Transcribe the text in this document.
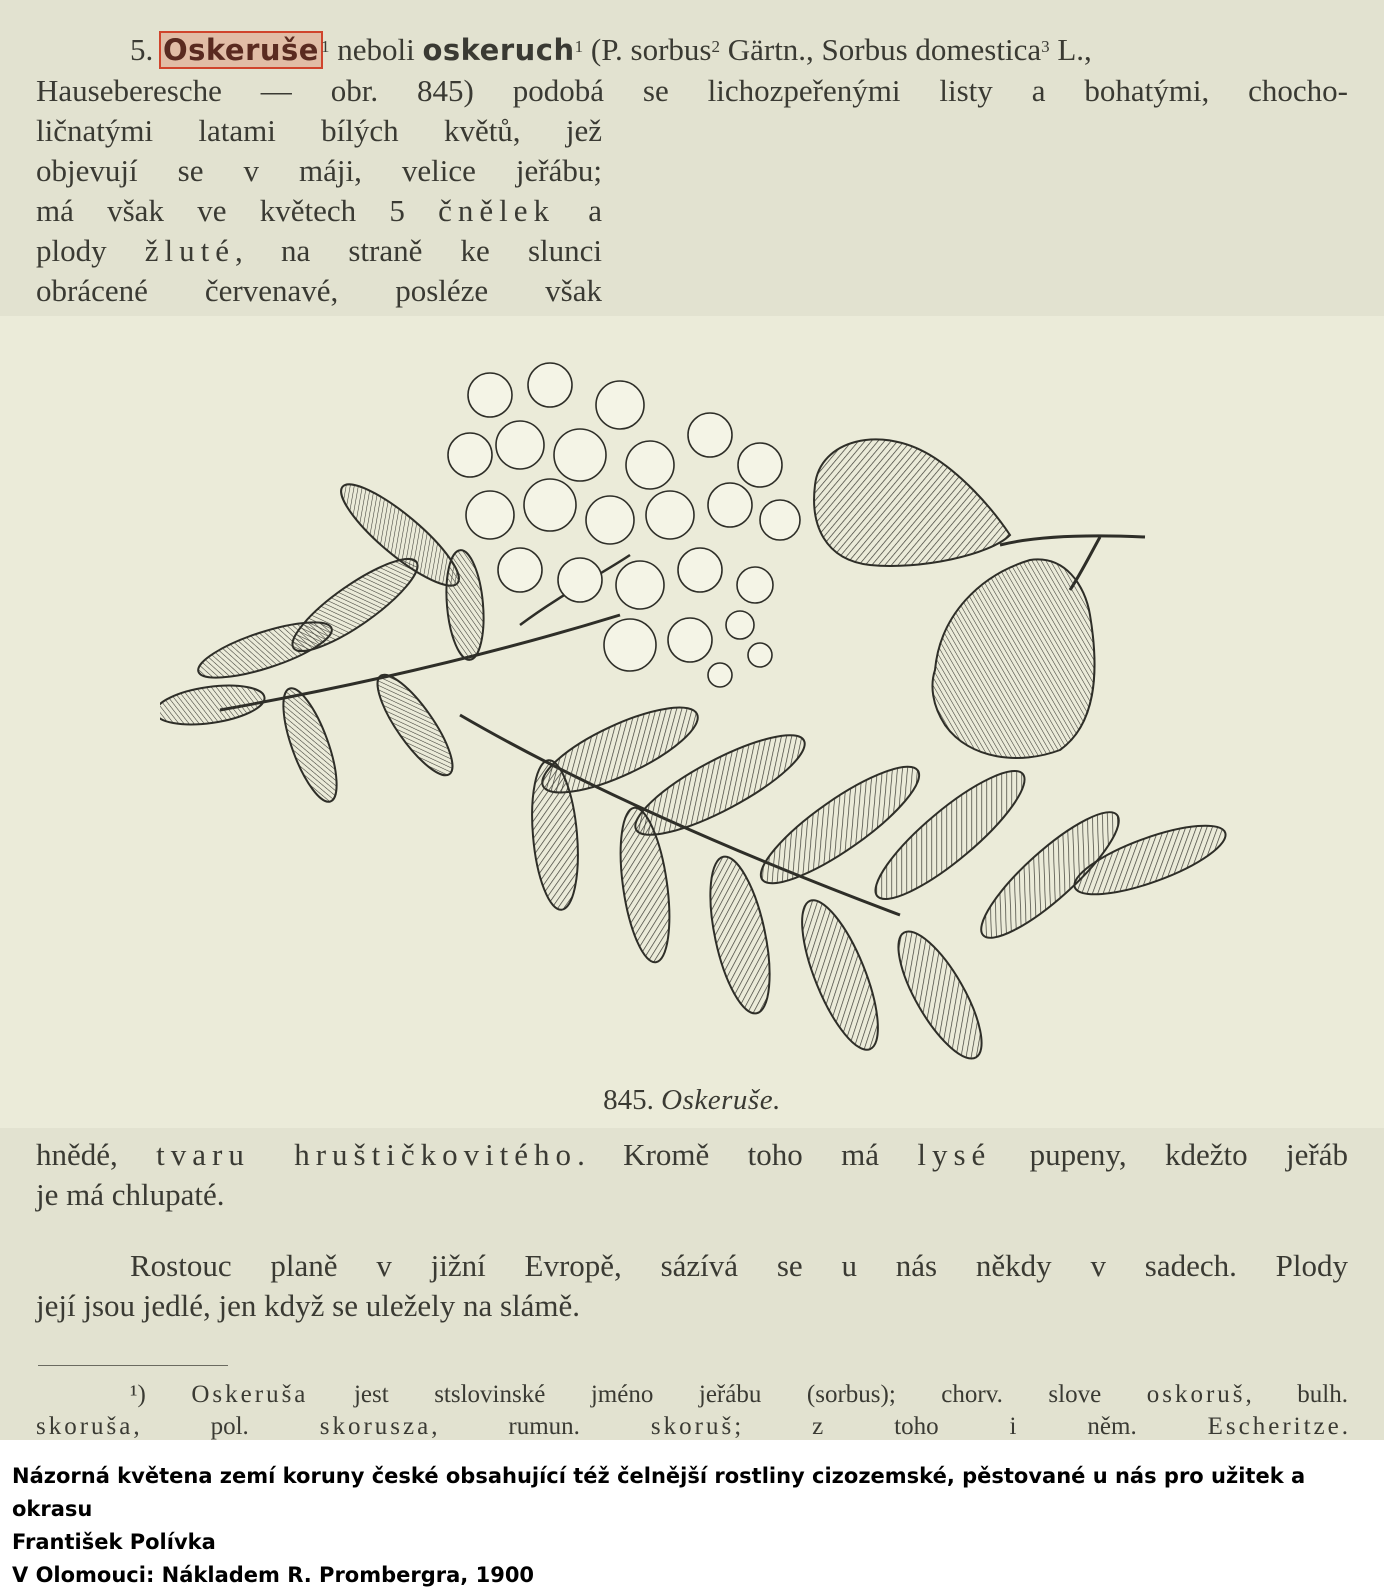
5. Oskeruše $^1$ neboli oskeruch$^1$ (P. sorbus$^2$ Gärtn., Sorbus domestica$^3$ L.,
Hauseberesche — obr. 845) podobá se lichozpeřenými listy a bohatými, chocho-
ličnatými latami bílých květů, jež
objevují se v máji, velice jeřábu;
má však ve květech 5 čnělek a
plody žluté, na straně ke slunci
obrácené červenavé, posléze však
845. Oskeruše.
hnědé, tvaru hruštičkovitého. Kromě toho má lysé pupeny, kdežto jeřáb
je má chlupaté.
Rostouc planě v jižní Evropě, sázívá se u nás někdy v sadech. Plody
její jsou jedlé, jen když se uležely na slámě.
¹) Oskeruša jest stslovinské jméno jeřábu (sorbus); chorv. slove oskoruš, bulh.
skoruša, pol. skorusza, rumun. skoruš; z toho i něm. Escheritze.
Názorná květena zemí koruny české obsahující též čelnější rostliny cizozemské, pěstované u nás pro užitek a okrasu
František Polívka
V Olomouci: Nákladem R. Prombergra, 1900
